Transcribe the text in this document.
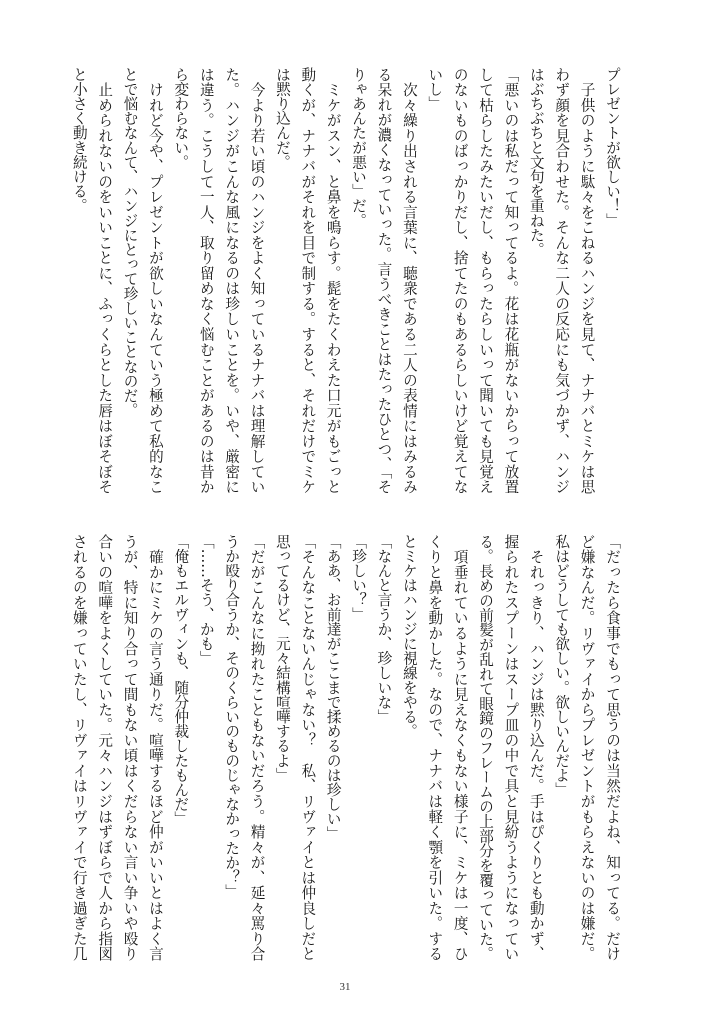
プレゼントが欲しい！」
　子供のように駄々をこねるハンジを見て、ナナバとミケは思
わず顔を見合わせた。そんな二人の反応にも気づかず、ハンジ
はぶちぶちと文句を重ねた。
「悪いのは私だって知ってるよ。花は花瓶がないからって放置
して枯らしたみたいだし、もらったらしいって聞いても見覚え
のないものばっかりだし、捨てたのもあるらしいけど覚えてな
いし」
　次々繰り出される言葉に、聴衆である二人の表情にはみるみ
る呆れが濃くなっていった。言うべきことはたったひとつ、「そ
りゃあんたが悪い」だ。
　ミケがスン、と鼻を鳴らす。髭をたくわえた口元がもごっと
動くが、ナナバがそれを目で制する。すると、それだけでミケ
は黙り込んだ。
　今より若い頃のハンジをよく知っているナナバは理解してい
た。ハンジがこんな風になるのは珍しいことを。いや、厳密に
は違う。こうして一人、取り留めなく悩むことがあるのは昔か
ら変わらない。
　けれど今や、プレゼントが欲しいなんていう極めて私的なこ
とで悩むなんて、ハンジにとって珍しいことなのだ。
　止められないのをいいことに、ふっくらとした唇はぼそぼそ
と小さく動き続ける。
「だったら食事でもって思うのは当然だよね、知ってる。だけ
ど嫌なんだ。リヴァイからプレゼントがもらえないのは嫌だ。
私はどうしても欲しい。欲しいんだよ」
　それっきり、ハンジは黙り込んだ。手はぴくりとも動かず、
握られたスプーンはスープ皿の中で具と見紛うようになってい
る。長めの前髪が乱れて眼鏡のフレームの上部分を覆っていた。
　項垂れているように見えなくもない様子に、ミケは一度、ひ
くりと鼻を動かした。なので、ナナバは軽く顎を引いた。する
とミケはハンジに視線をやる。
「なんと言うか、珍しいな」
「珍しい？」
「ああ、お前達がここまで揉めるのは珍しい」
「そんなことないんじゃない？　私、リヴァイとは仲良しだと
思ってるけど、元々結構喧嘩するよ」
「だがこんなに拗れたこともないだろう。精々が、延々罵り合
うか殴り合うか、そのくらいのものじゃなかったか？」
「……そう、かも」
「俺もエルヴィンも、随分仲裁したもんだ」
　確かにミケの言う通りだ。喧嘩するほど仲がいいとはよく言
うが、特に知り合って間もない頃はくだらない言い争いや殴り
合いの喧嘩をよくしていた。元々ハンジはずぼらで人から指図
されるのを嫌っていたし、リヴァイはリヴァイで行き過ぎた几
31
